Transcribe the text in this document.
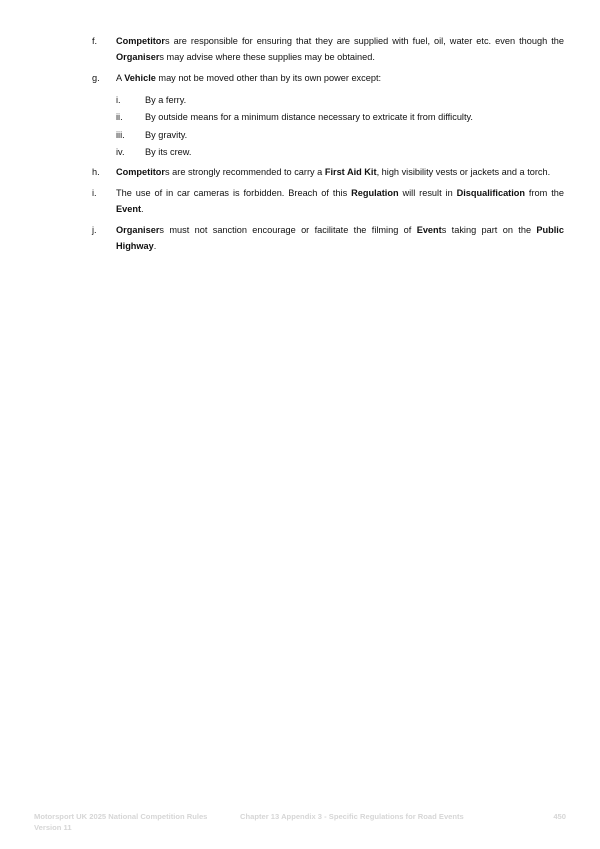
f.	Competitors are responsible for ensuring that they are supplied with fuel, oil, water etc. even though the Organisers may advise where these supplies may be obtained.
g.	A Vehicle may not be moved other than by its own power except:
i.	By a ferry.
ii.	By outside means for a minimum distance necessary to extricate it from difficulty.
iii.	By gravity.
iv.	By its crew.
h.	Competitors are strongly recommended to carry a First Aid Kit, high visibility vests or jackets and a torch.
i.	The use of in car cameras is forbidden. Breach of this Regulation will result in Disqualification from the Event.
j.	Organisers must not sanction encourage or facilitate the filming of Events taking part on the Public Highway.
Motorsport UK 2025 National Competition Rules
Version 11
Chapter 13 Appendix 3 - Specific Regulations for Road Events	450
